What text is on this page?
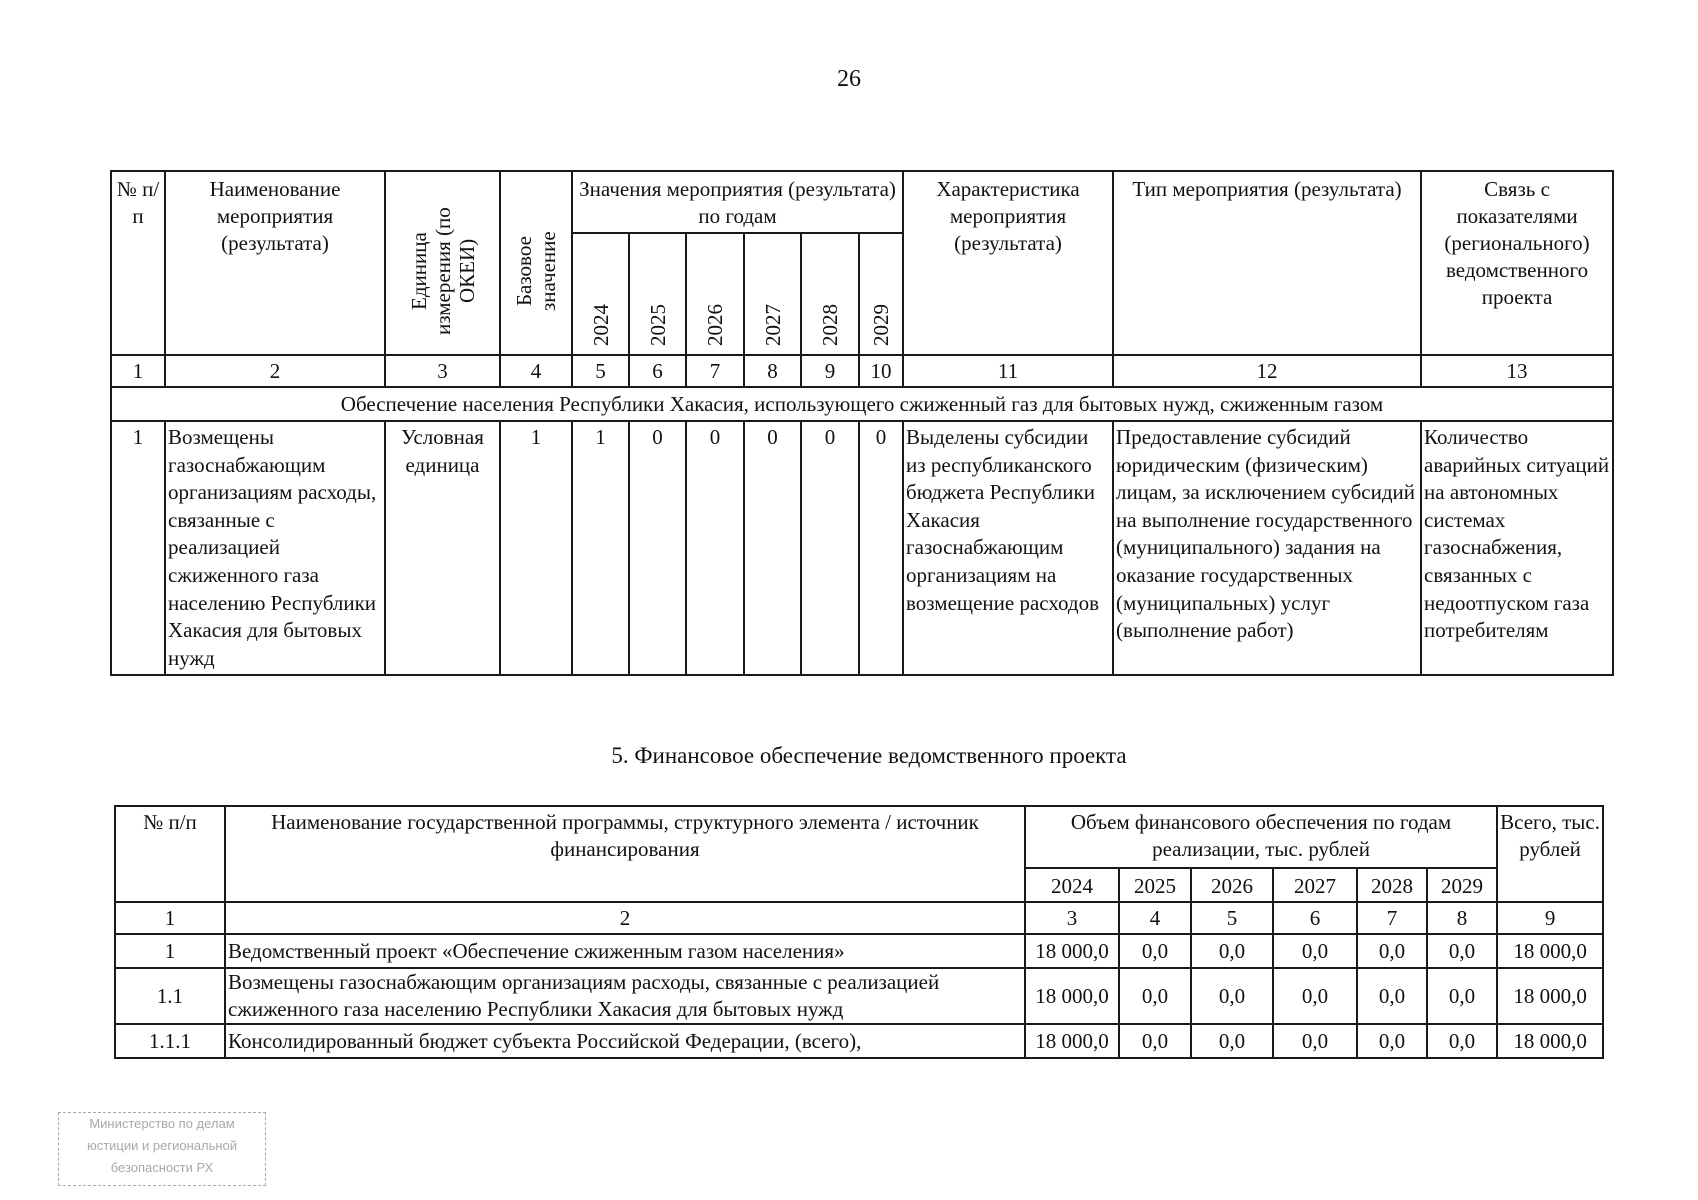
26
№ п/п	Наименование мероприятия (результата)	Единица измерения (по ОКЕИ)	Базовое значение	Значения мероприятия (результата) по годам						Характеристика мероприятия (результата)	Тип мероприятия (результата)	Связь с показателями (регионального) ведомственного проекта

				2024	2025	2026	2027	2028	2029			

1	2	3	4	5	6	7	8	9	10	11	12	13
Обеспечение населения Республики Хакасия, использующего сжиженный газ для бытовых нужд, сжиженным газом												
1	Возмещены газоснабжающим организациям расходы, связанные с реализацией сжиженного газа населению Республики Хакасия для бытовых нужд	Условная единица	1	1	0	0	0	0	0	Выделены субсидии из республиканского бюджета Республики Хакасия газоснабжающим организациям на возмещение расходов	Предоставление субсидий юридическим (физическим) лицам, за исключением субсидий на выполнение государственного (муниципального) задания на оказание государственных (муниципальных) услуг (выполнение работ)	Количество аварийных ситуаций на автономных системах газоснабжения, связанных с недоотпуском газа потребителям
5. Финансовое обеспечение ведомственного проекта
№ п/п	Наименование государственной программы, структурного элемента / источник финансирования	Объем финансового обеспечения по годам реализации, тыс. рублей						Всего, тыс. рублей
		2024	2025	2026	2027	2028	2029	
1	2	3	4	5	6	7	8	9
1	Ведомственный проект «Обеспечение сжиженным газом населения»	18 000,0	0,0	0,0	0,0	0,0	0,0	18 000,0
1.1	Возмещены газоснабжающим организациям расходы, связанные с реализацией сжиженного газа населению Республики Хакасия для бытовых нужд	18 000,0	0,0	0,0	0,0	0,0	0,0	18 000,0
1.1.1	Консолидированный бюджет субъекта Российской Федерации, (всего),	18 000,0	0,0	0,0	0,0	0,0	0,0	18 000,0
Министерство по делам
юстиции и региональной
безопасности РХ
